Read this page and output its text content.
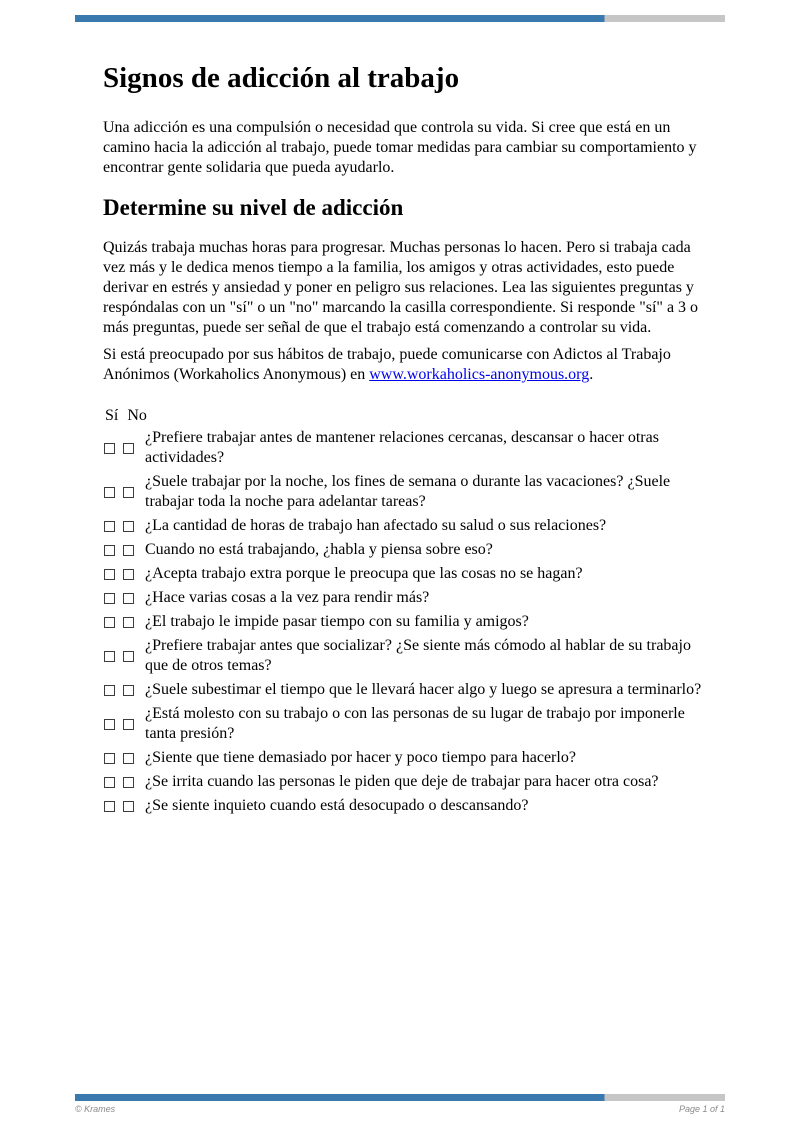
Signos de adicción al trabajo

Una adicción es una compulsión o necesidad que controla su vida. Si cree que está en un camino hacia la adicción al trabajo, puede tomar medidas para cambiar su comportamiento y encontrar gente solidaria que pueda ayudarlo.

Determine su nivel de adicción

Quizás trabaja muchas horas para progresar. Muchas personas lo hacen. Pero si trabaja cada vez más y le dedica menos tiempo a la familia, los amigos y otras actividades, esto puede derivar en estrés y ansiedad y poner en peligro sus relaciones. Lea las siguientes preguntas y respóndalas con un "sí" o un "no" marcando la casilla correspondiente. Si responde "sí" a 3 o más preguntas, puede ser señal de que el trabajo está comenzando a controlar su vida.

Si está preocupado por sus hábitos de trabajo, puede comunicarse con Adictos al Trabajo Anónimos (Workaholics Anonymous) en www.workaholics-anonymous.org.

Sí No
¿Prefiere trabajar antes de mantener relaciones cercanas, descansar o hacer otras actividades?
¿Suele trabajar por la noche, los fines de semana o durante las vacaciones? ¿Suele trabajar toda la noche para adelantar tareas?
¿La cantidad de horas de trabajo han afectado su salud o sus relaciones?
Cuando no está trabajando, ¿habla y piensa sobre eso?
¿Acepta trabajo extra porque le preocupa que las cosas no se hagan?
¿Hace varias cosas a la vez para rendir más?
¿El trabajo le impide pasar tiempo con su familia y amigos?
¿Prefiere trabajar antes que socializar? ¿Se siente más cómodo al hablar de su trabajo que de otros temas?
¿Suele subestimar el tiempo que le llevará hacer algo y luego se apresura a terminarlo?
¿Está molesto con su trabajo o con las personas de su lugar de trabajo por imponerle tanta presión?
¿Siente que tiene demasiado por hacer y poco tiempo para hacerlo?
¿Se irrita cuando las personas le piden que deje de trabajar para hacer otra cosa?
¿Se siente inquieto cuando está desocupado o descansando?
© Krames	Page 1 of 1
